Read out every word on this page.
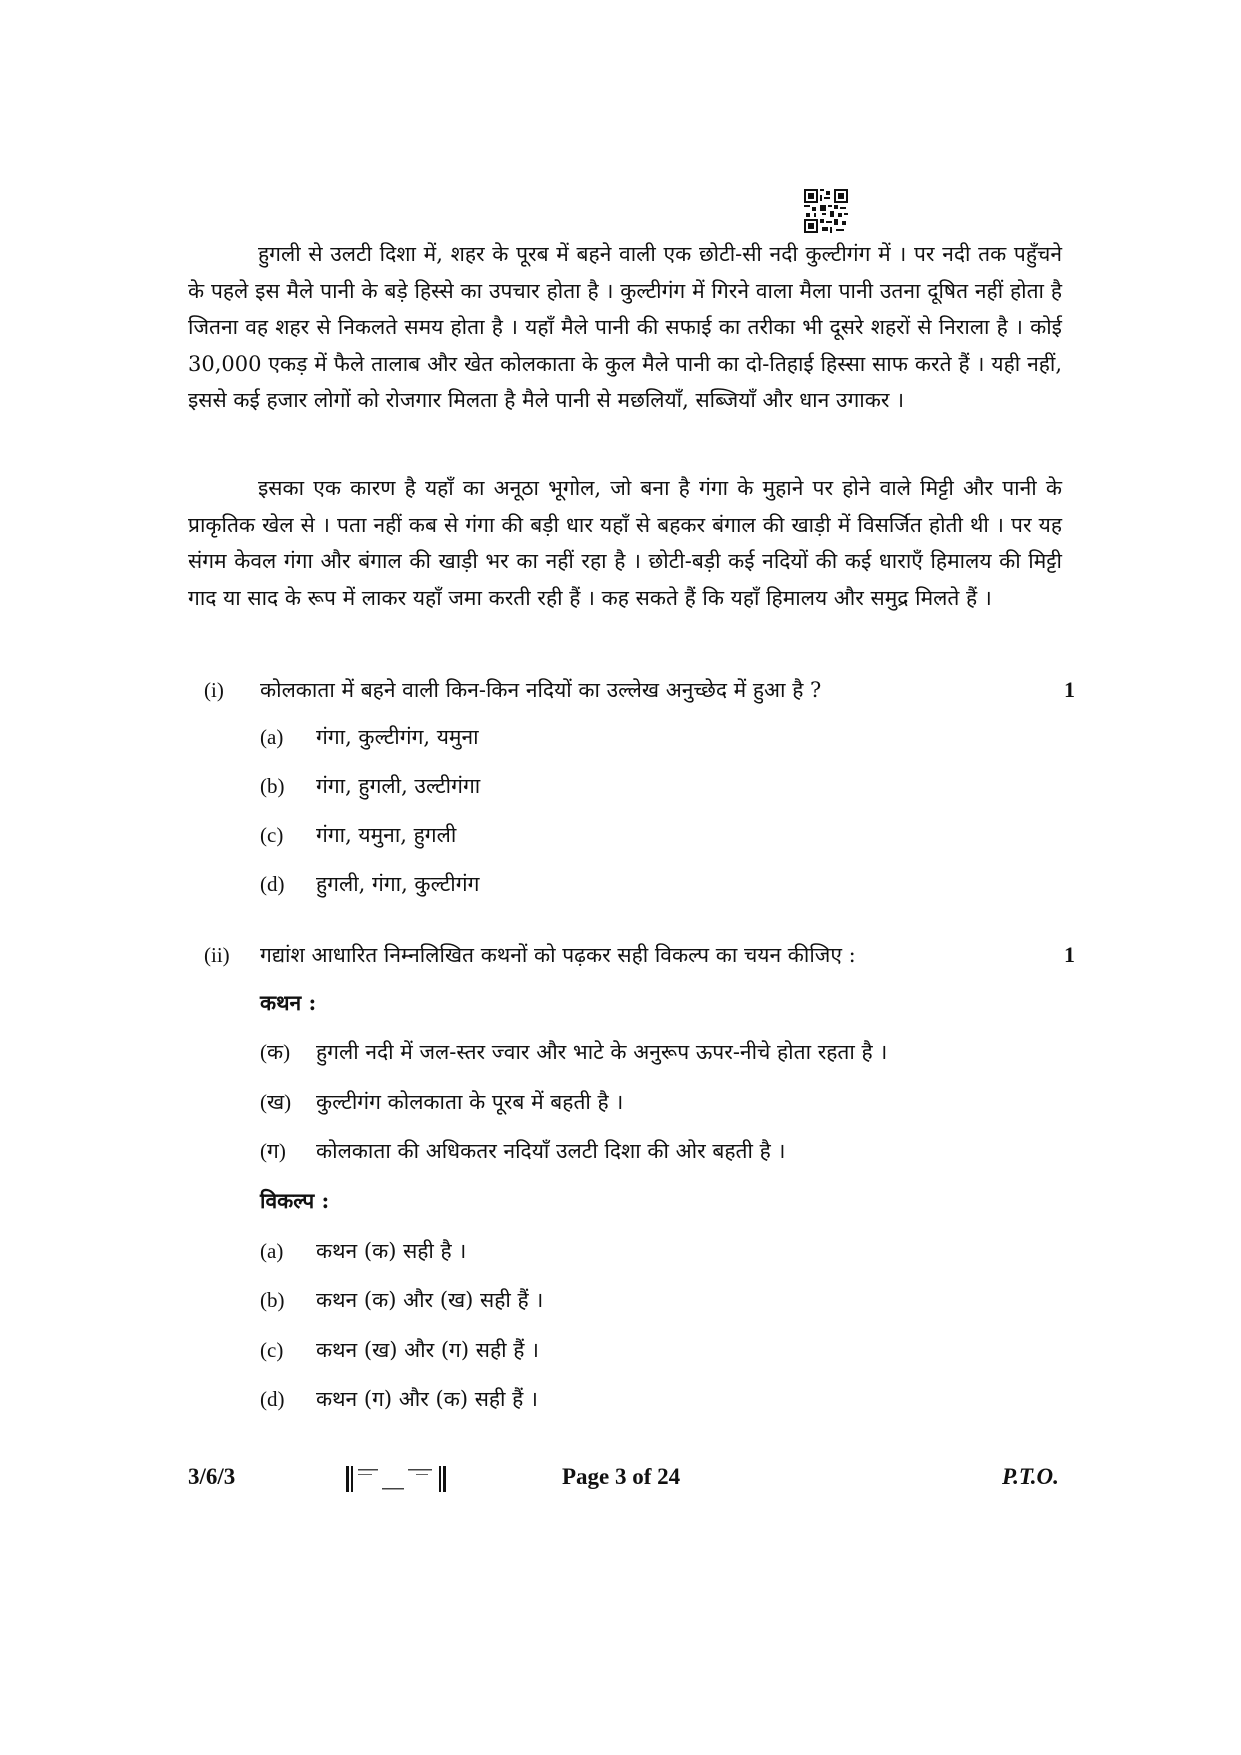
हुगली से उलटी दिशा में, शहर के पूरब में बहने वाली एक छोटी-सी नदी कुल्टीगंग में । पर नदी तक पहुँचने के पहले इस मैले पानी के बड़े हिस्से का उपचार होता है । कुल्टीगंग में गिरने वाला मैला पानी उतना दूषित नहीं होता है जितना वह शहर से निकलते समय होता है । यहाँ मैले पानी की सफाई का तरीका भी दूसरे शहरों से निराला है । कोई 30,000 एकड़ में फैले तालाब और खेत कोलकाता के कुल मैले पानी का दो-तिहाई हिस्सा साफ करते हैं । यही नहीं, इससे कई हजार लोगों को रोजगार मिलता है मैले पानी से मछलियाँ, सब्जियाँ और धान उगाकर ।

इसका एक कारण है यहाँ का अनूठा भूगोल, जो बना है गंगा के मुहाने पर होने वाले मिट्टी और पानी के प्राकृतिक खेल से । पता नहीं कब से गंगा की बड़ी धार यहाँ से बहकर बंगाल की खाड़ी में विसर्जित होती थी । पर यह संगम केवल गंगा और बंगाल की खाड़ी भर का नहीं रहा है । छोटी-बड़ी कई नदियों की कई धाराएँ हिमालय की मिट्टी गाद या साद के रूप में लाकर यहाँ जमा करती रही हैं । कह सकते हैं कि यहाँ हिमालय और समुद्र मिलते हैं ।

(i) कोलकाता में बहने वाली किन-किन नदियों का उल्लेख अनुच्छेद में हुआ है ?	1
(a) गंगा, कुल्टीगंग, यमुना
(b) गंगा, हुगली, उल्टीगंगा
(c) गंगा, यमुना, हुगली
(d) हुगली, गंगा, कुल्टीगंग
(ii) गद्यांश आधारित निम्नलिखित कथनों को पढ़कर सही विकल्प का चयन कीजिए :	1
कथन :
(क) हुगली नदी में जल-स्तर ज्वार और भाटे के अनुरूप ऊपर-नीचे होता रहता है ।
(ख) कुल्टीगंग कोलकाता के पूरब में बहती है ।
(ग) कोलकाता की अधिकतर नदियाँ उलटी दिशा की ओर बहती है ।
विकल्प :
(a) कथन (क) सही है ।
(b) कथन (क) और (ख) सही हैं ।
(c) कथन (ख) और (ग) सही हैं ।
(d) कथन (ग) और (क) सही हैं ।
3/6/3	Page 3 of 24	P.T.O.
